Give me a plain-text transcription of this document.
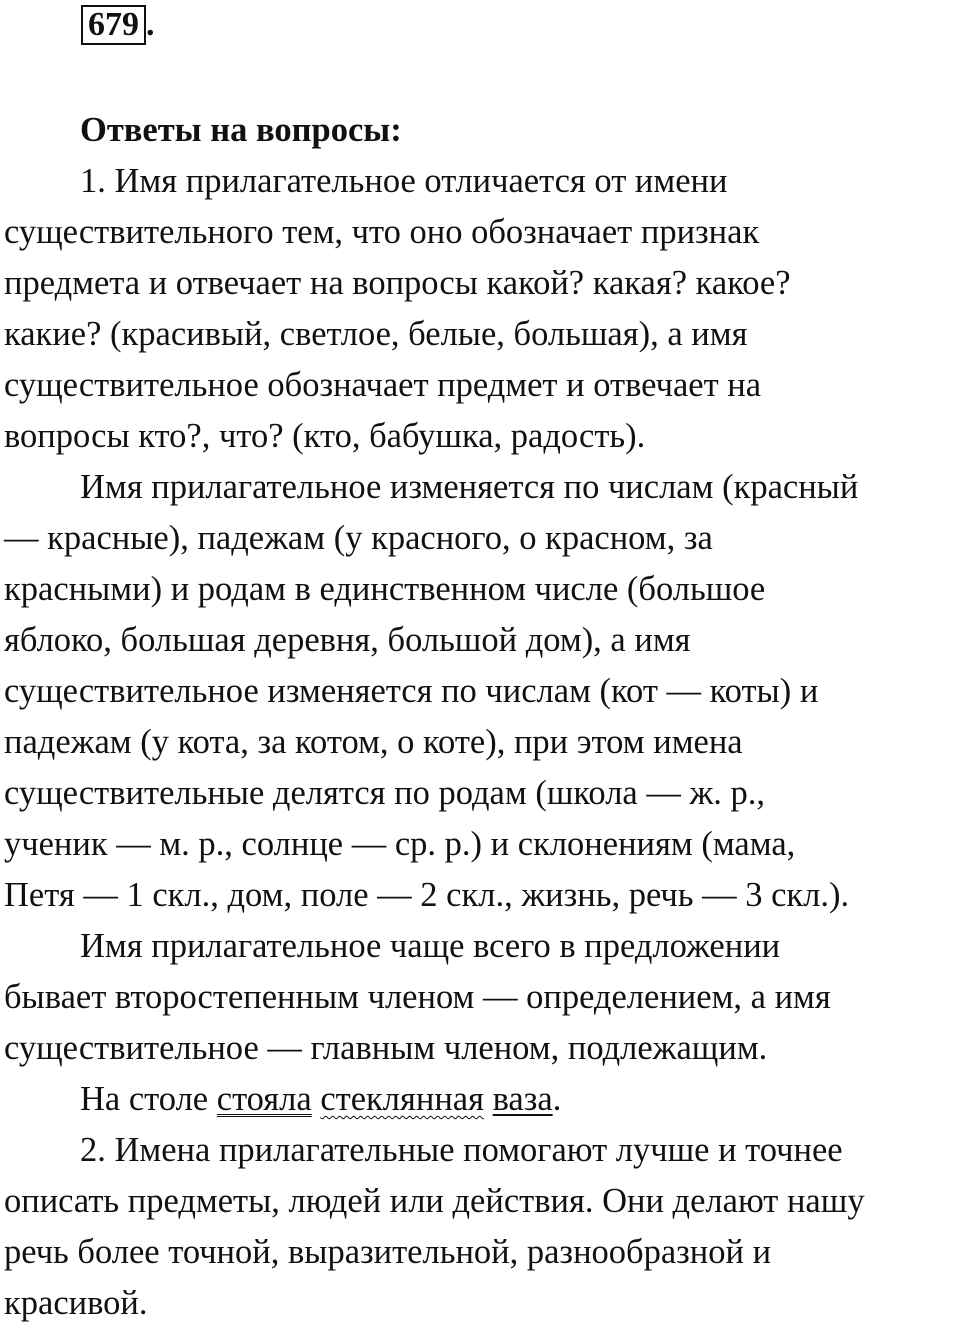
679 .
Ответы на вопросы:
1. Имя прилагательное отличается от имени
существительного тем, что оно обозначает признак
предмета и отвечает на вопросы какой? какая? какое?
какие? (красивый, светлое, белые, большая), а имя
существительное обозначает предмет и отвечает на
вопросы кто?, что? (кто, бабушка, радость).
Имя прилагательное изменяется по числам (красный
— красные), падежам (у красного, о красном, за
красными) и родам в единственном числе (большое
яблоко, большая деревня, большой дом), а имя
существительное изменяется по числам (кот — коты) и
падежам (у кота, за котом, о коте), при этом имена
существительные делятся по родам (школа — ж. р.,
ученик — м. р., солнце — ср. р.) и склонениям (мама,
Петя — 1 скл., дом, поле — 2 скл., жизнь, речь — 3 скл.).
Имя прилагательное чаще всего в предложении
бывает второстепенным членом — определением, а имя
существительное — главным членом, подлежащим.
На столе стояла стеклянная ваза.
2. Имена прилагательные помогают лучше и точнее
описать предметы, людей или действия. Они делают нашу
речь более точной, выразительной, разнообразной и
красивой.
